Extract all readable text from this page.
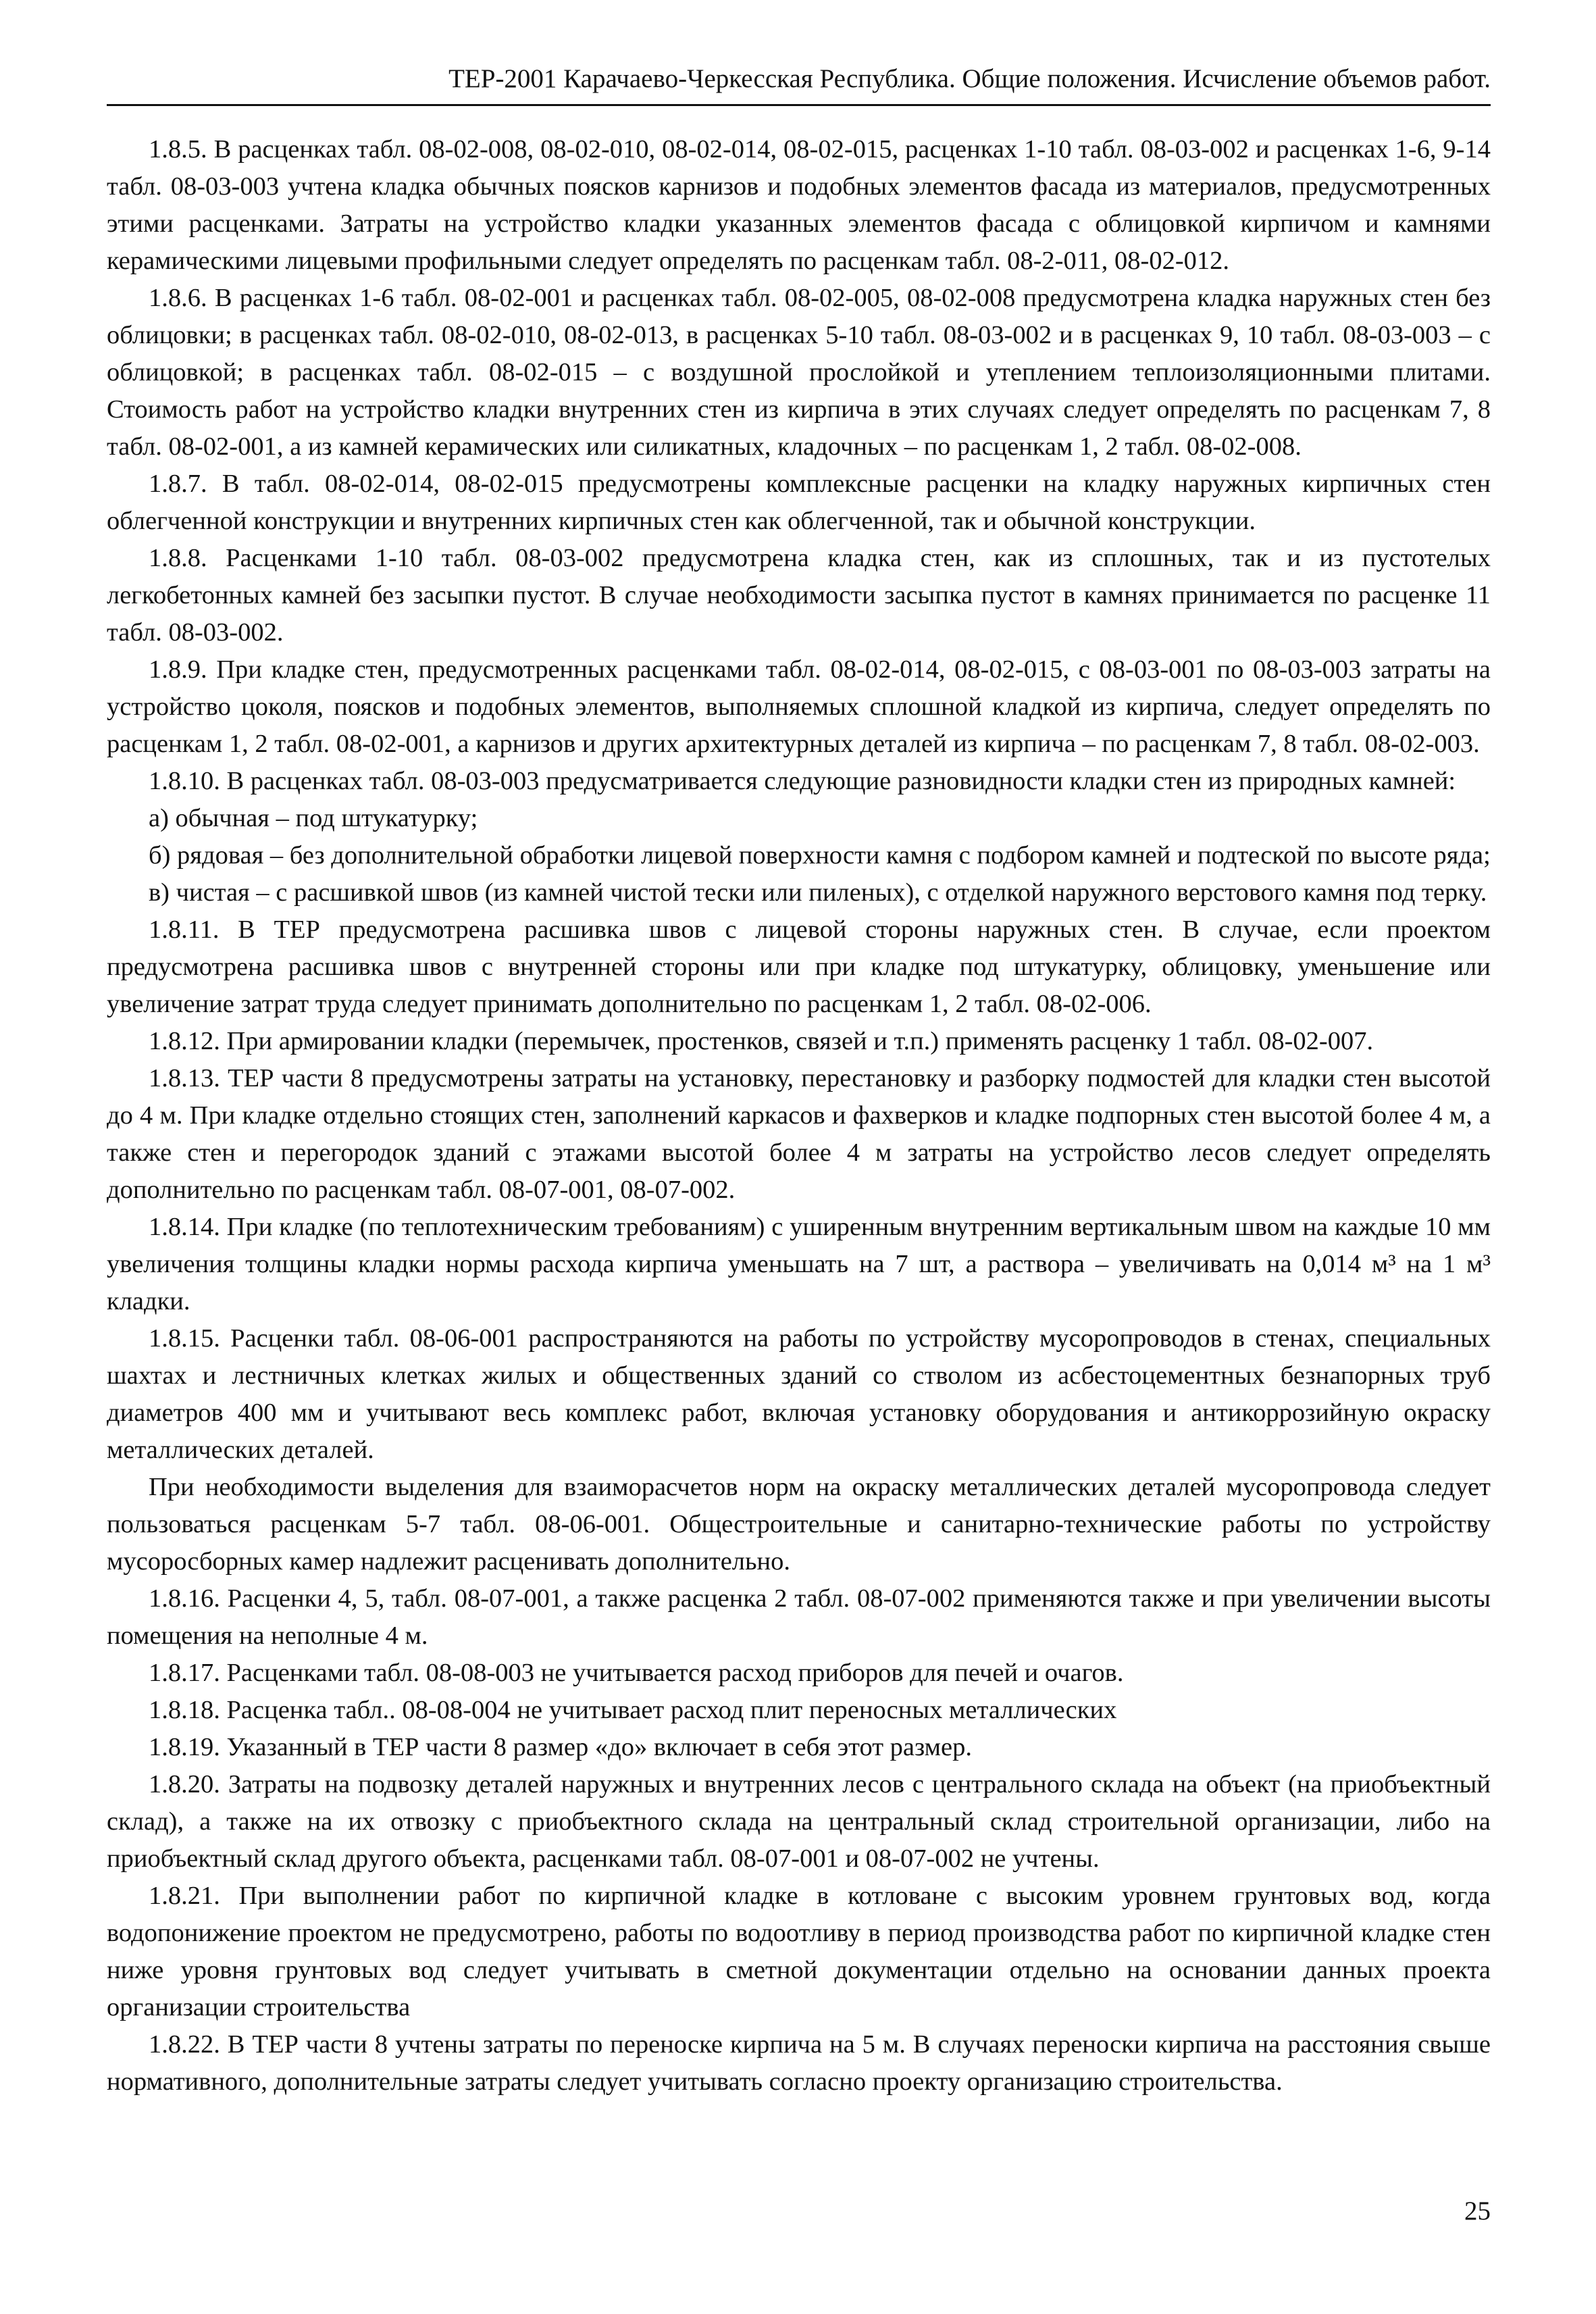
ТЕР-2001 Карачаево-Черкесская Республика. Общие положения. Исчисление объемов работ.

1.8.5. В расценках табл. 08-02-008, 08-02-010, 08-02-014, 08-02-015, расценках 1-10 табл. 08-03-002 и расценках 1-6, 9-14 табл. 08-03-003 учтена кладка обычных поясков карнизов и подобных элементов фасада из материалов, предусмотренных этими расценками. Затраты на устройство кладки указанных элементов фасада с облицовкой кирпичом и камнями керамическими лицевыми профильными следует определять по расценкам табл. 08-2-011, 08-02-012.

1.8.6. В расценках 1-6 табл. 08-02-001 и расценках табл. 08-02-005, 08-02-008 предусмотрена кладка наружных стен без облицовки; в расценках табл. 08-02-010, 08-02-013, в расценках 5-10 табл. 08-03-002 и в расценках 9, 10 табл. 08-03-003 – с облицовкой; в расценках табл. 08-02-015 – с воздушной прослойкой и утеплением теплоизоляционными плитами. Стоимость работ на устройство кладки внутренних стен из кирпича в этих случаях следует определять по расценкам 7, 8 табл. 08-02-001, а из камней керамических или силикатных, кладочных – по расценкам 1, 2 табл. 08-02-008.

1.8.7. В табл. 08-02-014, 08-02-015 предусмотрены комплексные расценки на кладку наружных кирпичных стен облегченной конструкции и внутренних кирпичных стен как облегченной, так и обычной конструкции.

1.8.8. Расценками 1-10 табл. 08-03-002 предусмотрена кладка стен, как из сплошных, так и из пустотелых легкобетонных камней без засыпки пустот. В случае необходимости засыпка пустот в камнях принимается по расценке 11 табл. 08-03-002.

1.8.9. При кладке стен, предусмотренных расценками табл. 08-02-014, 08-02-015, с 08-03-001 по 08-03-003 затраты на устройство цоколя, поясков и подобных элементов, выполняемых сплошной кладкой из кирпича, следует определять по расценкам 1, 2 табл. 08-02-001, а карнизов и других архитектурных деталей из кирпича – по расценкам 7, 8 табл. 08-02-003.

1.8.10. В расценках табл. 08-03-003 предусматривается следующие разновидности кладки стен из природных камней:

а) обычная – под штукатурку;

б) рядовая – без дополнительной обработки лицевой поверхности камня с подбором камней и подтеской по высоте ряда;

в) чистая – с расшивкой швов (из камней чистой тески или пиленых), с отделкой наружного верстового камня под терку.

1.8.11. В ТЕР предусмотрена расшивка швов с лицевой стороны наружных стен. В случае, если проектом предусмотрена расшивка швов с внутренней стороны или при кладке под штукатурку, облицовку, уменьшение или увеличение затрат труда следует принимать дополнительно по расценкам 1, 2 табл. 08-02-006.

1.8.12. При армировании кладки (перемычек, простенков, связей и т.п.) применять расценку 1 табл. 08-02-007.

1.8.13. ТЕР части 8 предусмотрены затраты на установку, перестановку и разборку подмостей для кладки стен высотой до 4 м. При кладке отдельно стоящих стен, заполнений каркасов и фахверков и кладке подпорных стен высотой более 4 м, а также стен и перегородок зданий с этажами высотой более 4 м затраты на устройство лесов следует определять дополнительно по расценкам табл. 08-07-001, 08-07-002.

1.8.14. При кладке (по теплотехническим требованиям) с уширенным внутренним вертикальным швом на каждые 10 мм увеличения толщины кладки нормы расхода кирпича уменьшать на 7 шт, а раствора – увеличивать на 0,014 м³ на 1 м³ кладки.

1.8.15. Расценки табл. 08-06-001 распространяются на работы по устройству мусоропроводов в стенах, специальных шахтах и лестничных клетках жилых и общественных зданий со стволом из асбестоцементных безнапорных труб диаметров 400 мм и учитывают весь комплекс работ, включая установку оборудования и антикоррозийную окраску металлических деталей.

При необходимости выделения для взаиморасчетов норм на окраску металлических деталей мусоропровода следует пользоваться расценкам 5-7 табл. 08-06-001. Общестроительные и санитарно-технические работы по устройству мусоросборных камер надлежит расценивать дополнительно.

1.8.16. Расценки 4, 5, табл. 08-07-001, а также расценка 2 табл. 08-07-002 применяются также и при увеличении высоты помещения на неполные 4 м.

1.8.17. Расценками табл. 08-08-003 не учитывается расход приборов для печей и очагов.

1.8.18. Расценка табл.. 08-08-004 не учитывает расход плит переносных металлических

1.8.19. Указанный в ТЕР части 8 размер «до» включает в себя этот размер.

1.8.20. Затраты на подвозку деталей наружных и внутренних лесов с центрального склада на объект (на приобъектный склад), а также на их отвозку с приобъектного склада на центральный склад строительной организации, либо на приобъектный склад другого объекта, расценками табл. 08-07-001 и 08-07-002 не учтены.

1.8.21. При выполнении работ по кирпичной кладке в котловане с высоким уровнем грунтовых вод, когда водопонижение проектом не предусмотрено, работы по водоотливу в период производства работ по кирпичной кладке стен ниже уровня грунтовых вод следует учитывать в сметной документации отдельно на основании данных проекта организации строительства

1.8.22. В ТЕР части 8 учтены затраты по переноске кирпича на 5 м. В случаях переноски кирпича на расстояния свыше нормативного, дополнительные затраты следует учитывать согласно проекту организацию строительства.

25
